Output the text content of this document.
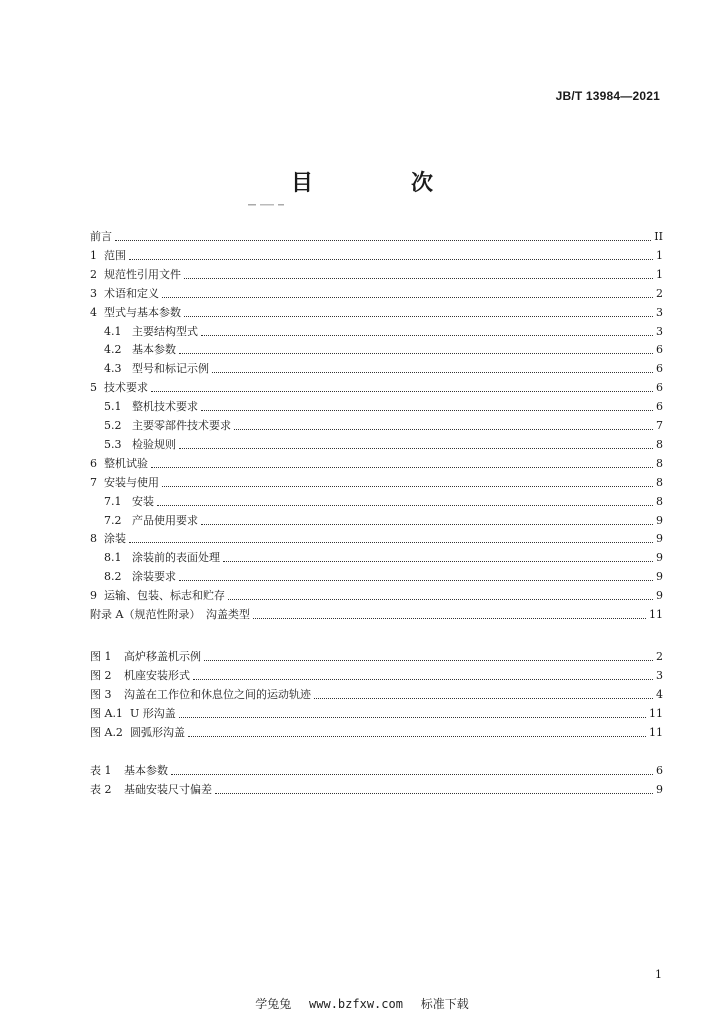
JB/T 13984—2021
目　次
前言	II
1 范围	1
2 规范性引用文件	1
3 术语和定义	2
4 型式与基本参数	3
4.1 主要结构型式	3
4.2 基本参数	6
4.3 型号和标记示例	6
5 技术要求	6
5.1 整机技术要求	6
5.2 主要零部件技术要求	7
5.3 检验规则	8
6 整机试验	8
7 安装与使用	8
7.1 安装	8
7.2 产品使用要求	9
8 涂装	9
8.1 涂装前的表面处理	9
8.2 涂装要求	9
9 运输、包装、标志和贮存	9
附录 A（规范性附录）　沟盖类型	11
图 1	高炉移盖机示例	2
图 2	机座安装形式	3
图 3	沟盖在工作位和休息位之间的运动轨迹	4
图 A.1 U 形沟盖	11
图 A.2 圆弧形沟盖	11
表 1	基本参数	6
表 2	基础安装尺寸偏差	9
1
学兔兔 www.bzfxw.com 标准下载
